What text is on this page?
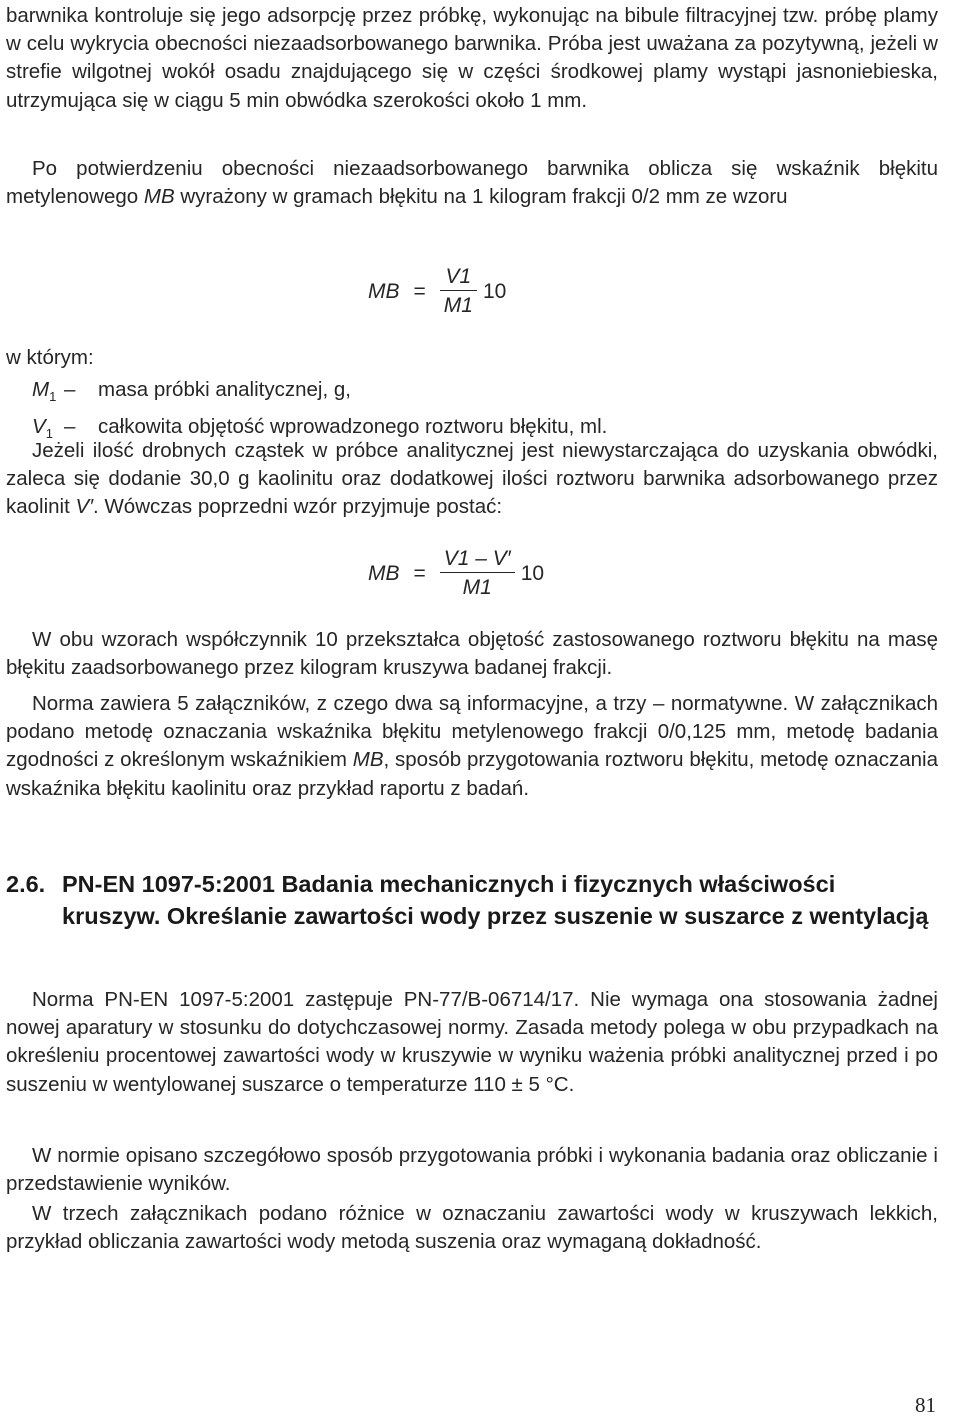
barwnika kontroluje się jego adsorpcję przez próbkę, wykonując na bibule filtracyjnej tzw. próbę plamy w celu wykrycia obecności niezaadsorbowanego barwnika. Próba jest uważana za pozytywną, jeżeli w strefie wilgotnej wokół osadu znajdującego się w części środkowej plamy wystąpi jasnoniebieska, utrzymująca się w ciągu 5 min obwódka szerokości około 1 mm.

Po potwierdzeniu obecności niezaadsorbowanego barwnika oblicza się wskaźnik błękitu metylenowego MB wyrażony w gramach błękitu na 1 kilogram frakcji 0/2 mm ze wzoru

MB = $\frac{V1}{M1} 10$
w którym:
$M_1$ –	masa próbki analitycznej, g,
$V_1$ –	całkowita objętość wprowadzonego roztworu błękitu, ml.

Jeżeli ilość drobnych cząstek w próbce analitycznej jest niewystarczająca do uzyskania obwódki, zaleca się dodanie 30,0 g kaolinitu oraz dodatkowej ilości roztworu barwnika adsorbowanego przez kaolinit V′. Wówczas poprzedni wzór przyjmuje postać:

MB = $\frac{V1 - V'}{M1} 10$

W obu wzorach współczynnik 10 przekształca objętość zastosowanego roztworu błękitu na masę błękitu zaadsorbowanego przez kilogram kruszywa badanej frakcji.

Norma zawiera 5 załączników, z czego dwa są informacyjne, a trzy – normatywne. W załącznikach podano metodę oznaczania wskaźnika błękitu metylenowego frakcji 0/0,125 mm, metodę badania zgodności z określonym wskaźnikiem MB, sposób przygotowania roztworu błękitu, metodę oznaczania wskaźnika błękitu kaolinitu oraz przykład raportu z badań.

2.6. PN-EN 1097-5:2001 Badania mechanicznych i fizycznych właściwości kruszyw. Określanie zawartości wody przez suszenie w suszarce z wentylacją

Norma PN-EN 1097-5:2001 zastępuje PN-77/B-06714/17. Nie wymaga ona stosowania żadnej nowej aparatury w stosunku do dotychczasowej normy. Zasada metody polega w obu przypadkach na określeniu procentowej zawartości wody w kruszywie w wyniku ważenia próbki analitycznej przed i po suszeniu w wentylowanej suszarce o temperaturze 110 ± 5 °C.

W normie opisano szczegółowo sposób przygotowania próbki i wykonania badania oraz obliczanie i przedstawienie wyników.

W trzech załącznikach podano różnice w oznaczaniu zawartości wody w kruszywach lekkich, przykład obliczania zawartości wody metodą suszenia oraz wymaganą dokładność.

81
